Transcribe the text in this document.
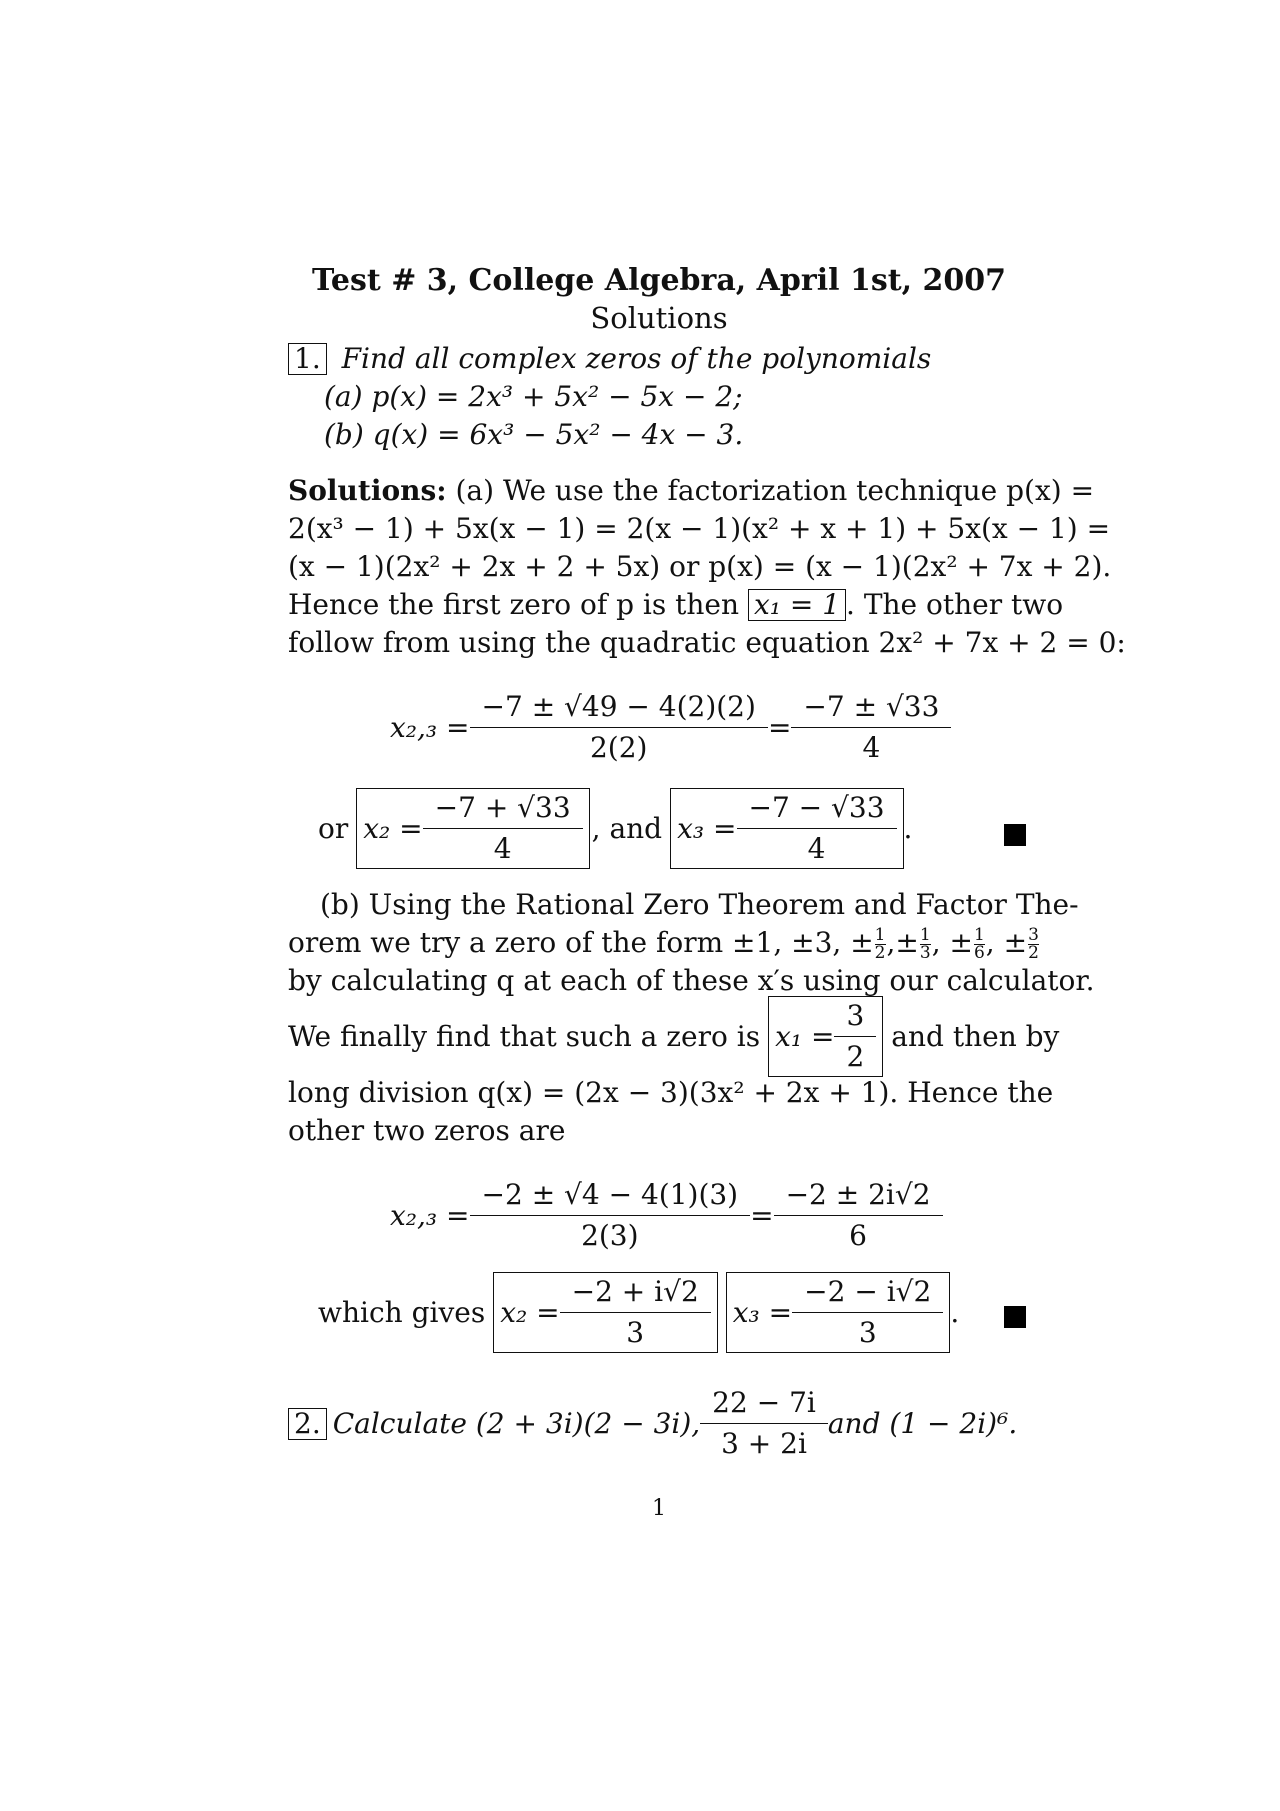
Test # 3, College Algebra, April 1st, 2007
Solutions
1. Find all complex zeros of the polynomials
(a) p(x) = 2x³ + 5x² − 5x − 2;
(b) q(x) = 6x³ − 5x² − 4x − 3.
Solutions: (a) We use the factorization technique p(x) =
2(x³ − 1) + 5x(x − 1) = 2(x − 1)(x² + x + 1) + 5x(x − 1) =
(x − 1)(2x² + 2x + 2 + 5x) or p(x) = (x − 1)(2x² + 7x + 2).
Hence the first zero of p is then x₁ = 1 . The other two
follow from using the quadratic equation 2x² + 7x + 2 = 0:
$x_2,_3 = \frac{-7 \pm √49 - 4(2)(2)}{2(2)} = \frac{-7 \pm √33}{4}$
or $x_2 = \frac{-7 + √33}{4}$ , and $x_3 = \frac{-7 - √33}{4}$ .
(b) Using the Rational Zero Theorem and Factor The-
orem we try a zero of the form ±1, ±3, ± $\frac{1}{2}$ ,± $\frac{1}{3}$ , ± $\frac{1}{6}$ , ± $\frac{3}{2}$
by calculating q at each of these x′s using our calculator.
We finally find that such a zero is $x_1 = \frac{3}{2}$ and then by
long division q(x) = (2x − 3)(3x² + 2x + 1). Hence the
other two zeros are
$x_2,_3 = \frac{-2 \pm √4 - 4(1)(3)}{2(3)} = \frac{-2 \pm 2i√2}{6}$
which gives $x_2 = \frac{-2 + i√2}{3} x_3 = \frac{-2 - i√2}{3}$ .
2. Calculate (2 + 3i)(2 − 3i), $\frac{22 - 7i}{3 + 2i}$ and (1 − 2i)⁶.
1
